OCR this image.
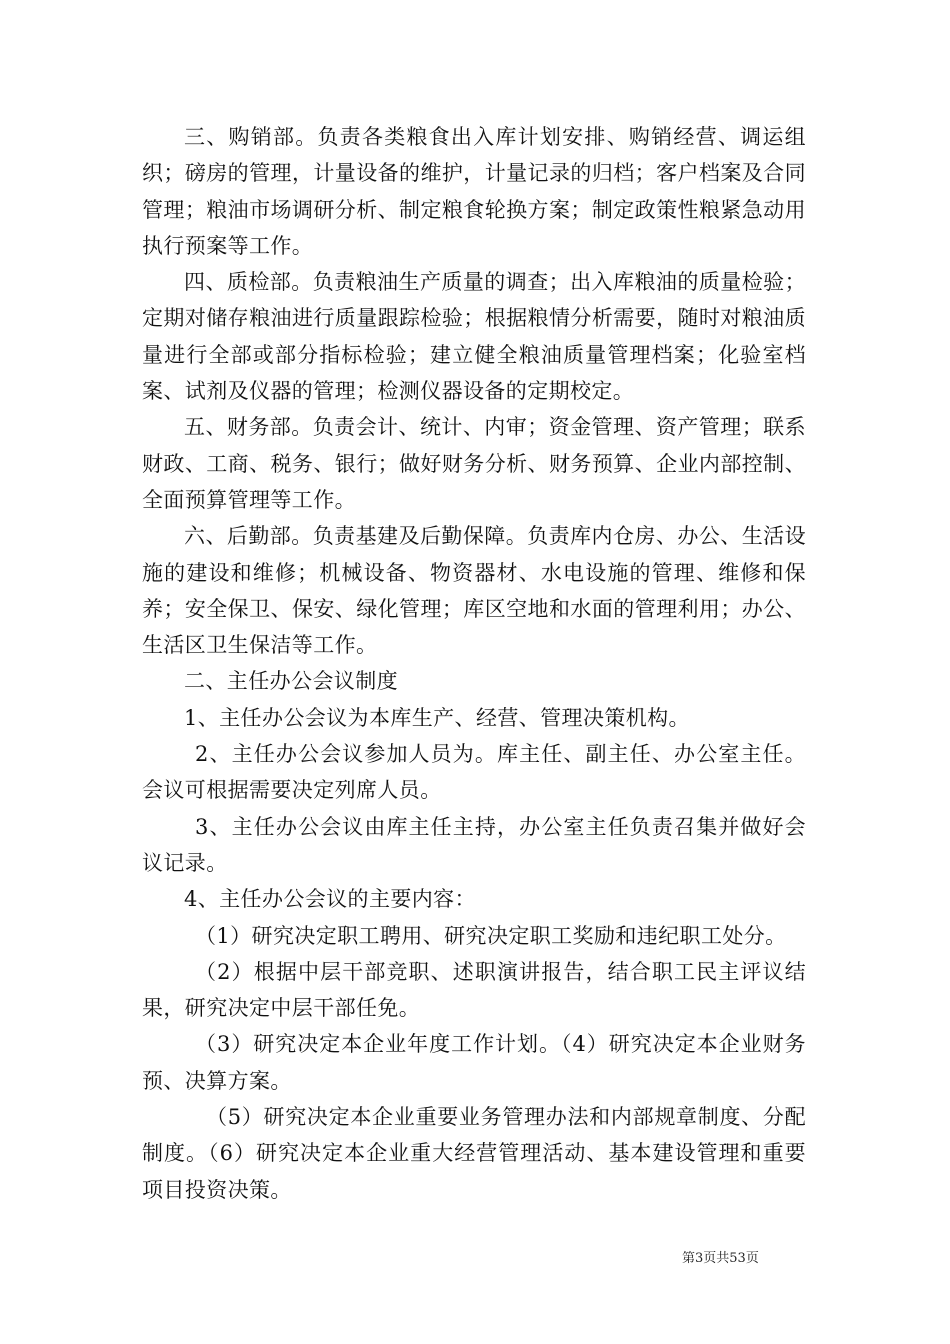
三、购销部。负责各类粮食出入库计划安排、购销经营、调运组织；磅房的管理，计量设备的维护，计量记录的归档；客户档案及合同管理；粮油市场调研分析、制定粮食轮换方案；制定政策性粮紧急动用执行预案等工作。

四、质检部。负责粮油生产质量的调查；出入库粮油的质量检验；定期对储存粮油进行质量跟踪检验；根据粮情分析需要，随时对粮油质量进行全部或部分指标检验；建立健全粮油质量管理档案；化验室档案、试剂及仪器的管理；检测仪器设备的定期校定。

五、财务部。负责会计、统计、内审；资金管理、资产管理；联系财政、工商、税务、银行；做好财务分析、财务预算、企业内部控制、全面预算管理等工作。

六、后勤部。负责基建及后勤保障。负责库内仓房、办公、生活设施的建设和维修；机械设备、物资器材、水电设施的管理、维修和保养；安全保卫、保安、绿化管理；库区空地和水面的管理利用；办公、生活区卫生保洁等工作。

二、主任办公会议制度

1、主任办公会议为本库生产、经营、管理决策机构。

2、主任办公会议参加人员为。库主任、副主任、办公室主任。会议可根据需要决定列席人员。

3、主任办公会议由库主任主持，办公室主任负责召集并做好会议记录。

4、主任办公会议的主要内容：

（1）研究决定职工聘用、研究决定职工奖励和违纪职工处分。

（2）根据中层干部竞职、述职演讲报告，结合职工民主评议结果，研究决定中层干部任免。

（3）研究决定本企业年度工作计划。（4）研究决定本企业财务预、决算方案。

（5）研究决定本企业重要业务管理办法和内部规章制度、分配制度。（6）研究决定本企业重大经营管理活动、基本建设管理和重要项目投资决策。

第3页共53页
